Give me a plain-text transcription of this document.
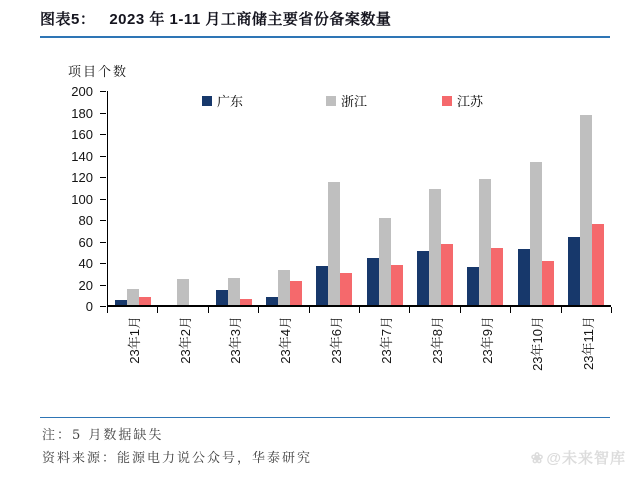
图表5： 2023 年 1-11 月工商储主要省份备案数量
项目个数
0
20
40
60
80
100
120
140
160
180
200
广东	浙江	江苏
23年1月	23年2月	23年3月	23年4月	23年6月	23年7月	23年8月	23年9月	23年10月	23年11月
注：5 月数据缺失
资料来源：能源电力说公众号，华泰研究	❀ @未来智库
